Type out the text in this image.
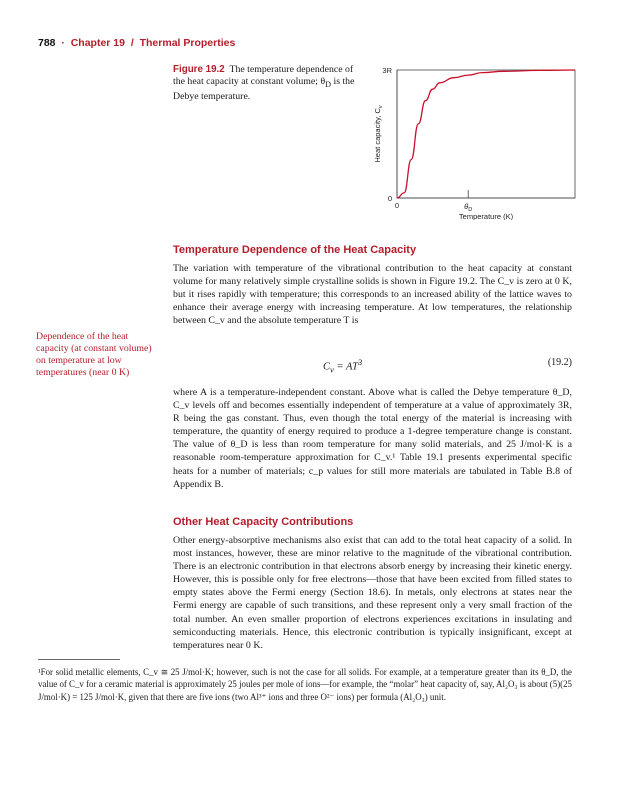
788 · Chapter 19 / Thermal Properties
Figure 19.2 The temperature dependence of the heat capacity at constant volume; $\theta_D$ is the Debye temperature.
3R
0
0	$\theta_D$
Temperature (K)
Heat capacity, $C_v$
Temperature Dependence of the Heat Capacity

The variation with temperature of the vibrational contribution to the heat capacity at constant volume for many relatively simple crystalline solids is shown in Figure 19.2. The C_v is zero at 0 K, but it rises rapidly with temperature; this corresponds to an increased ability of the lattice waves to enhance their average energy with increasing temperature. At low temperatures, the relationship between C_v and the absolute temperature T is

Dependence of the heat capacity (at constant volume) on temperature at low temperatures (near 0 K)	$C_v = AT^3$	(19.2)

where A is a temperature-independent constant. Above what is called the Debye temperature θ_D, C_v levels off and becomes essentially independent of temperature at a value of approximately 3R, R being the gas constant. Thus, even though the total energy of the material is increasing with temperature, the quantity of energy required to produce a 1-degree temperature change is constant. The value of θ_D is less than room temperature for many solid materials, and 25 J/mol·K is a reasonable room-temperature approximation for C_v.¹ Table 19.1 presents experimental specific heats for a number of materials; c_p values for still more materials are tabulated in Table B.8 of Appendix B.

Other Heat Capacity Contributions

Other energy-absorptive mechanisms also exist that can add to the total heat capacity of a solid. In most instances, however, these are minor relative to the magnitude of the vibrational contribution. There is an electronic contribution in that electrons absorb energy by increasing their kinetic energy. However, this is possible only for free electrons—those that have been excited from filled states to empty states above the Fermi energy (Section 18.6). In metals, only electrons at states near the Fermi energy are capable of such transitions, and these represent only a very small fraction of the total number. An even smaller proportion of electrons experiences excitations in insulating and semiconducting materials. Hence, this electronic contribution is typically insignificant, except at temperatures near 0 K.

¹For solid metallic elements, C_v ≅ 25 J/mol·K; however, such is not the case for all solids. For example, at a temperature greater than its θ_D, the value of C_v for a ceramic material is approximately 25 joules per mole of ions—for example, the “molar” heat capacity of, say, Al₂O₃ is about (5)(25 J/mol·K) = 125 J/mol·K, given that there are five ions (two Al³⁺ ions and three O²⁻ ions) per formula (Al₂O₃) unit.
